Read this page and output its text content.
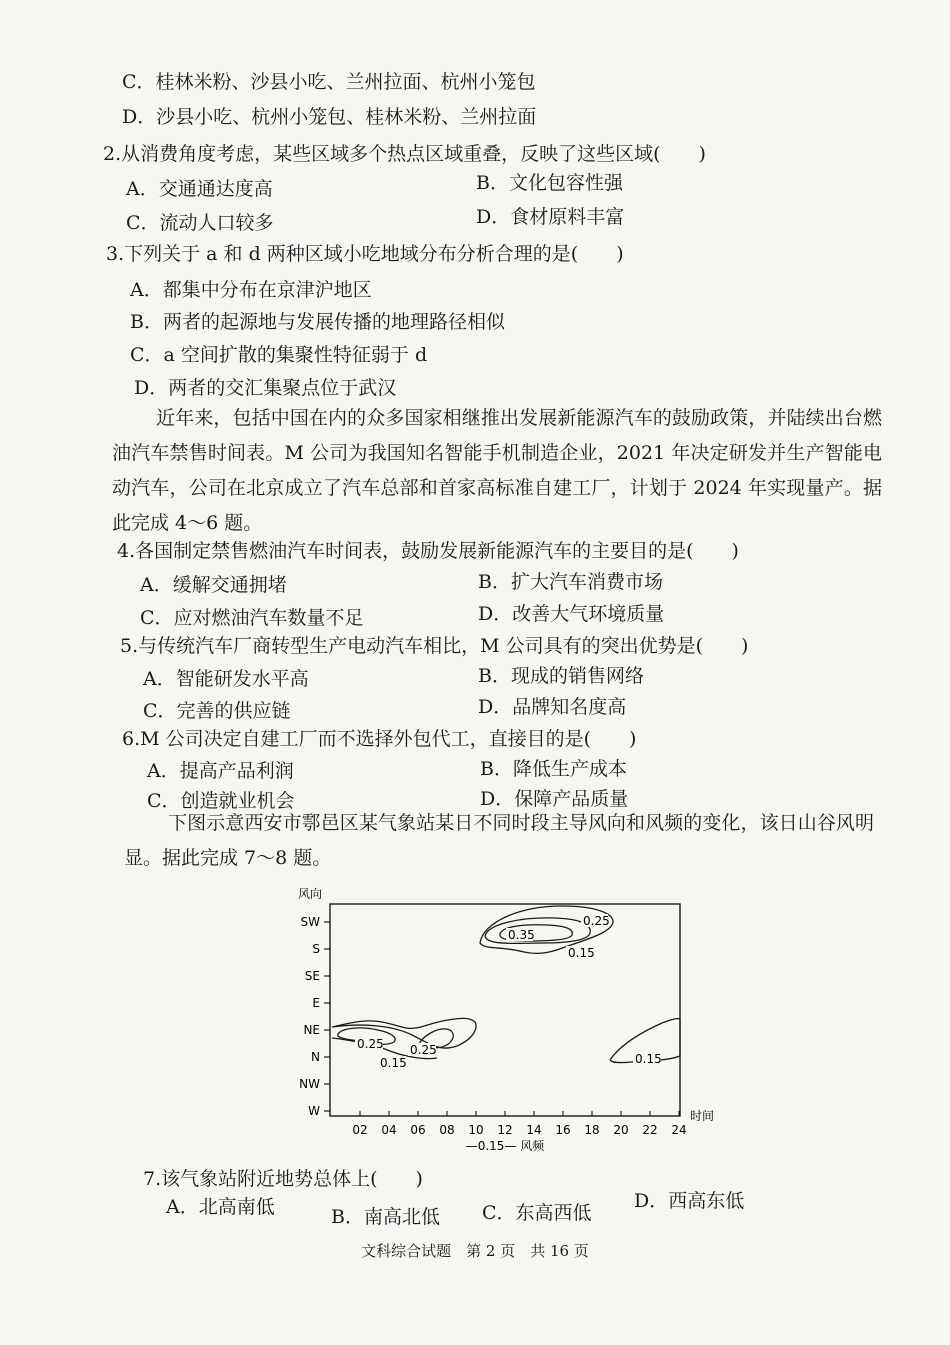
C．桂林米粉、沙县小吃、兰州拉面、杭州小笼包
D．沙县小吃、杭州小笼包、桂林米粉、兰州拉面
2.从消费角度考虑，某些区域多个热点区域重叠，反映了这些区域(　　)
A．交通通达度高	B．文化包容性强
C．流动人口较多	D．食材原料丰富
3.下列关于 a 和 d 两种区域小吃地域分布分析合理的是(　　)
A．都集中分布在京津沪地区
B．两者的起源地与发展传播的地理路径相似
C．a 空间扩散的集聚性特征弱于 d
D．两者的交汇集聚点位于武汉
近年来，包括中国在内的众多国家相继推出发展新能源汽车的鼓励政策，并陆续出台燃油汽车禁售时间表。M 公司为我国知名智能手机制造企业，2021 年决定研发并生产智能电动汽车，公司在北京成立了汽车总部和首家高标准自建工厂，计划于 2024 年实现量产。据此完成 4～6 题。
4.各国制定禁售燃油汽车时间表，鼓励发展新能源汽车的主要目的是(　　)
A．缓解交通拥堵	B．扩大汽车消费市场
C．应对燃油汽车数量不足	D．改善大气环境质量
5.与传统汽车厂商转型生产电动汽车相比，M 公司具有的突出优势是(　　)
A．智能研发水平高	B．现成的销售网络
C．完善的供应链	D．品牌知名度高
6.M 公司决定自建工厂而不选择外包代工，直接目的是(　　)
A．提高产品利润	B．降低生产成本
C．创造就业机会	D．保障产品质量
下图示意西安市鄠邑区某气象站某日不同时段主导风向和风频的变化，该日山谷风明显。据此完成 7～8 题。
风向
W
NW
N
NE
E
SE
S
SW
02 04 06 08 10 12 14 16 18 20 22 24
时间
0.35
0.25
0.15
0.25 0.25
0.15	0.15
—0.15— 风频
7.该气象站附近地势总体上(　　)
A．北高南低	B．南高北低 C．东高西低
D．西高东低
文科综合试题　第 2 页　共 16 页
